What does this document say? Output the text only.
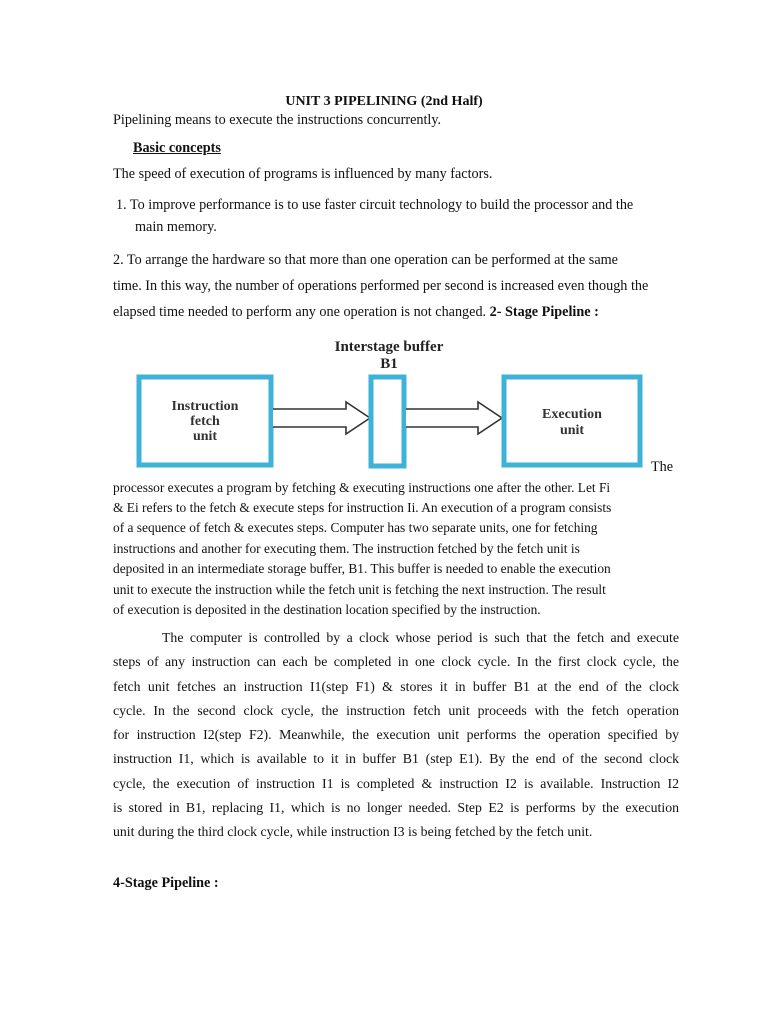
UNIT 3 PIPELINING (2nd Half)
Pipelining means to execute the instructions concurrently.
Basic concepts
The speed of execution of programs is influenced by many factors.
1. To improve performance is to use faster circuit technology to build the processor and the
main memory.
2. To arrange the hardware so that more than one operation can be performed at the same
time. In this way, the number of operations performed per second is increased even though the
elapsed time needed to perform any one operation is not changed. 2- Stage Pipeline :
Interstage buffer
B1
Instruction
fetch
unit
Execution
unit
The
processor executes a program by fetching & executing instructions one after the other. Let Fi
& Ei refers to the fetch & execute steps for instruction Ii. An execution of a program consists
of a sequence of fetch & executes steps. Computer has two separate units, one for fetching
instructions and another for executing them. The instruction fetched by the fetch unit is
deposited in an intermediate storage buffer, B1. This buffer is needed to enable the execution
unit to execute the instruction while the fetch unit is fetching the next instruction. The result
of execution is deposited in the destination location specified by the instruction.
The computer is controlled by a clock whose period is such that the fetch and execute
steps of any instruction can each be completed in one clock cycle. In the first clock cycle, the
fetch unit fetches an instruction I1(step F1) & stores it in buffer B1 at the end of the clock
cycle. In the second clock cycle, the instruction fetch unit proceeds with the fetch operation
for instruction I2(step F2). Meanwhile, the execution unit performs the operation specified by
instruction I1, which is available to it in buffer B1 (step E1). By the end of the second clock
cycle, the execution of instruction I1 is completed & instruction I2 is available. Instruction I2
is stored in B1, replacing I1, which is no longer needed. Step E2 is performs by the execution
unit during the third clock cycle, while instruction I3 is being fetched by the fetch unit.
4-Stage Pipeline :
